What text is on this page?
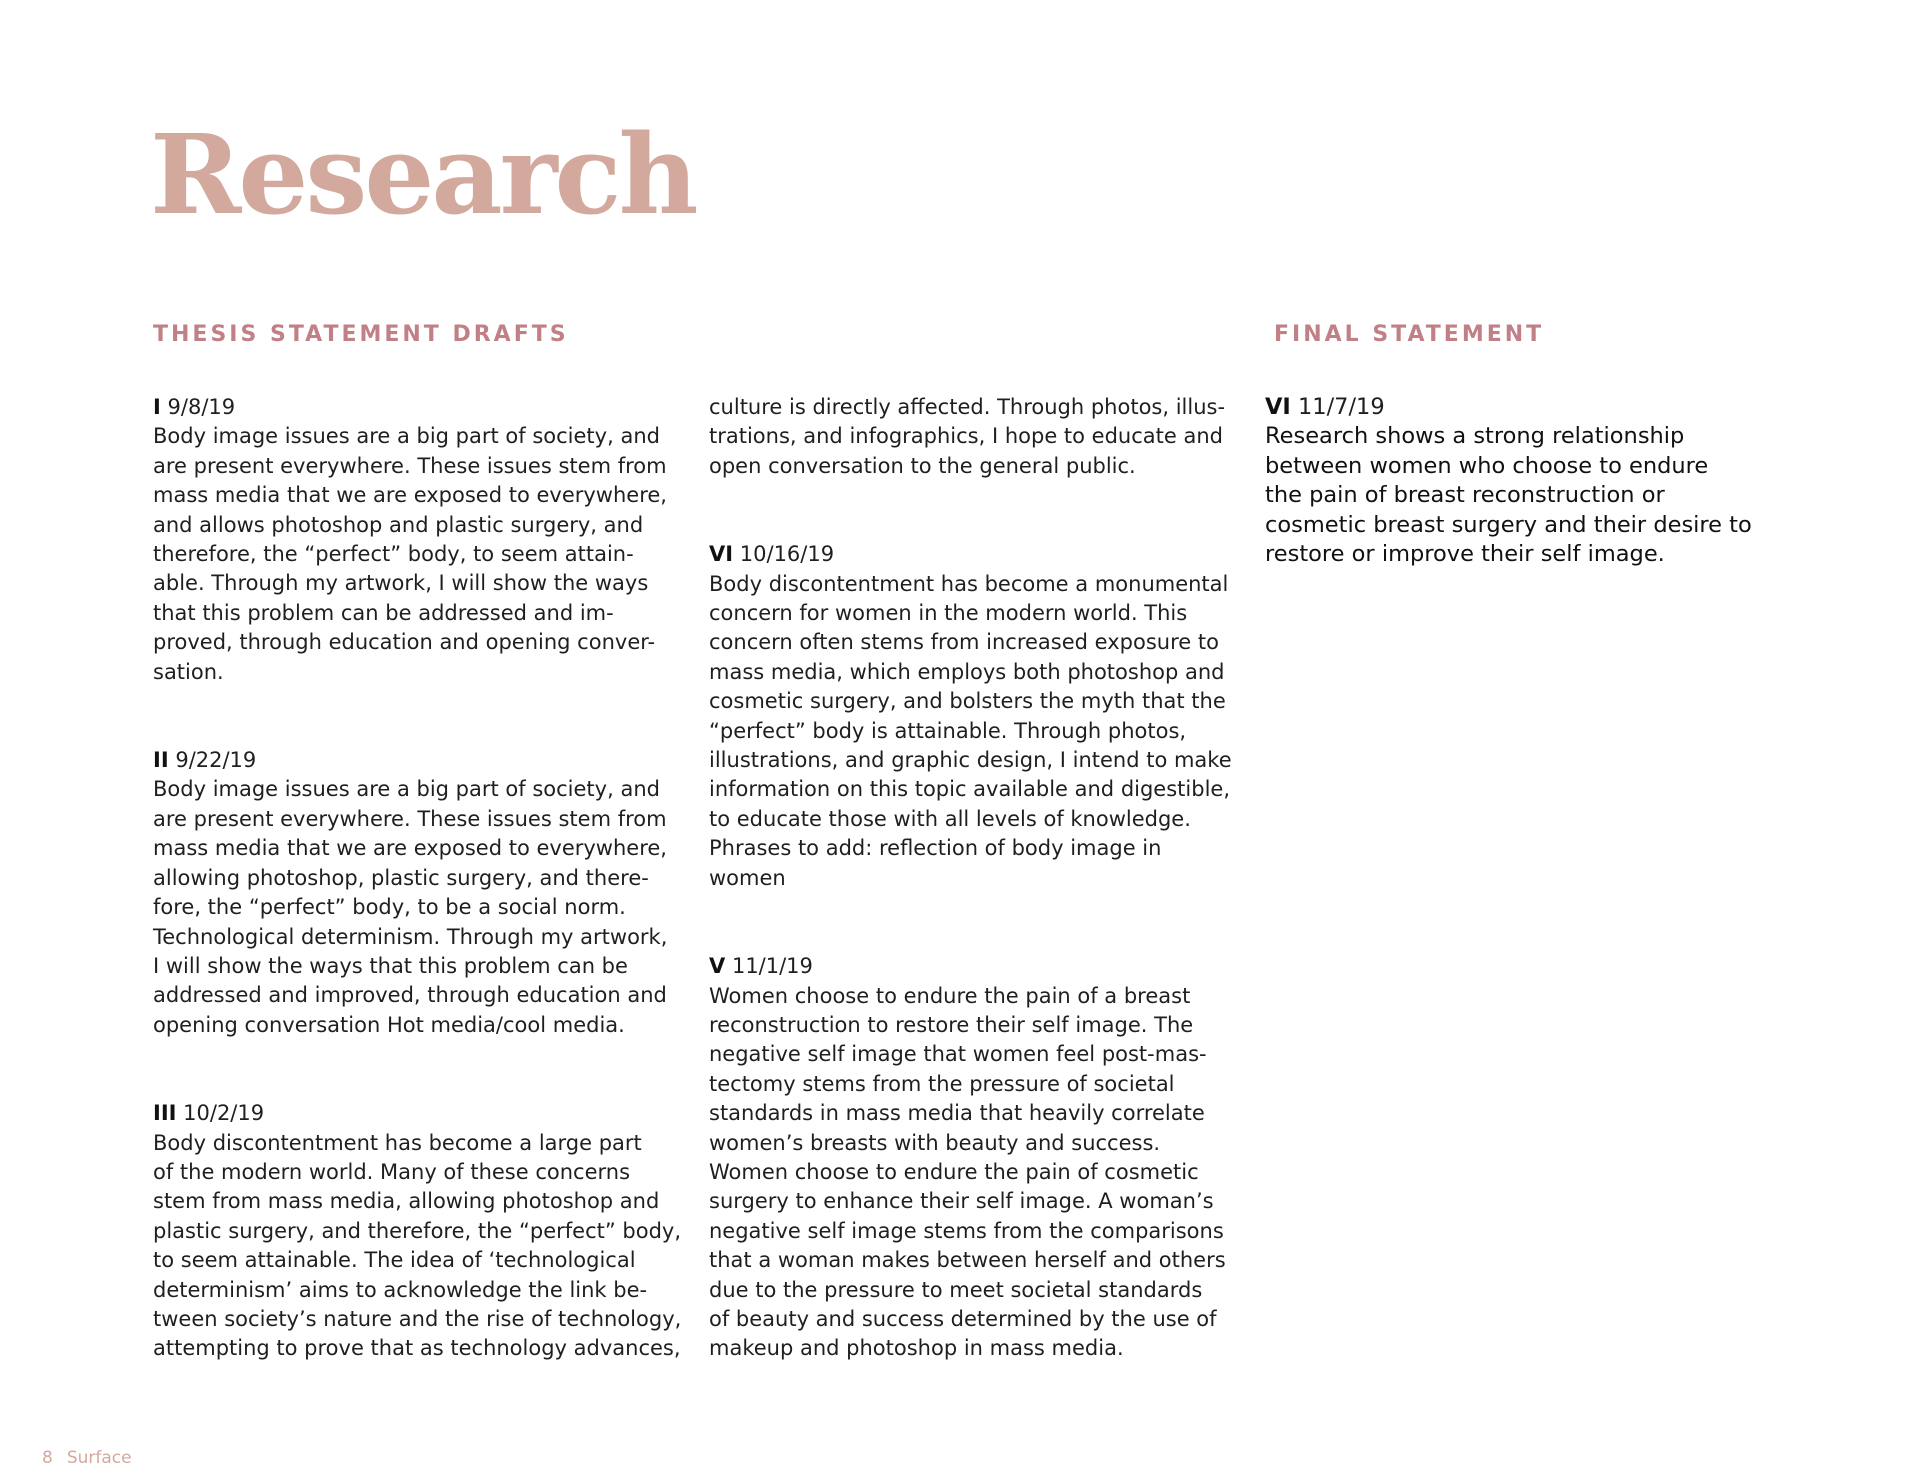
Research
THESIS STATEMENT DRAFTS	FINAL STATEMENT
I 9/8/19

Body image issues are a big part of society, and

are present everywhere. These issues stem from

mass media that we are exposed to everywhere,

and allows photoshop and plastic surgery, and

therefore, the “perfect” body, to seem attain-

able. Through my artwork, I will show the ways

that this problem can be addressed and im-

proved, through education and opening conver-

sation.

II 9/22/19

Body image issues are a big part of society, and

are present everywhere. These issues stem from

mass media that we are exposed to everywhere,

allowing photoshop, plastic surgery, and there-

fore, the “perfect” body, to be a social norm.

Technological determinism. Through my artwork,

I will show the ways that this problem can be

addressed and improved, through education and

opening conversation Hot media/cool media.

III 10/2/19

Body discontentment has become a large part

of the modern world. Many of these concerns

stem from mass media, allowing photoshop and

plastic surgery, and therefore, the “perfect” body,

to seem attainable. The idea of ‘technological

determinism’ aims to acknowledge the link be-

tween society’s nature and the rise of technology,

attempting to prove that as technology advances,

culture is directly affected. Through photos, illus-

trations, and infographics, I hope to educate and

open conversation to the general public.

VI 10/16/19

Body discontentment has become a monumental

concern for women in the modern world. This

concern often stems from increased exposure to

mass media, which employs both photoshop and

cosmetic surgery, and bolsters the myth that the

“perfect” body is attainable. Through photos,

illustrations, and graphic design, I intend to make

information on this topic available and digestible,

to educate those with all levels of knowledge.

Phrases to add: reflection of body image in

women

V 11/1/19

Women choose to endure the pain of a breast

reconstruction to restore their self image. The

negative self image that women feel post-mas-

tectomy stems from the pressure of societal

standards in mass media that heavily correlate

women’s breasts with beauty and success.

Women choose to endure the pain of cosmetic

surgery to enhance their self image. A woman’s

negative self image stems from the comparisons

that a woman makes between herself and others

due to the pressure to meet societal standards

of beauty and success determined by the use of

makeup and photoshop in mass media.

VI 11/7/19

Research shows a strong relationship

between women who choose to endure

the pain of breast reconstruction or

cosmetic breast surgery and their desire to

restore or improve their self image.

8 Surface
